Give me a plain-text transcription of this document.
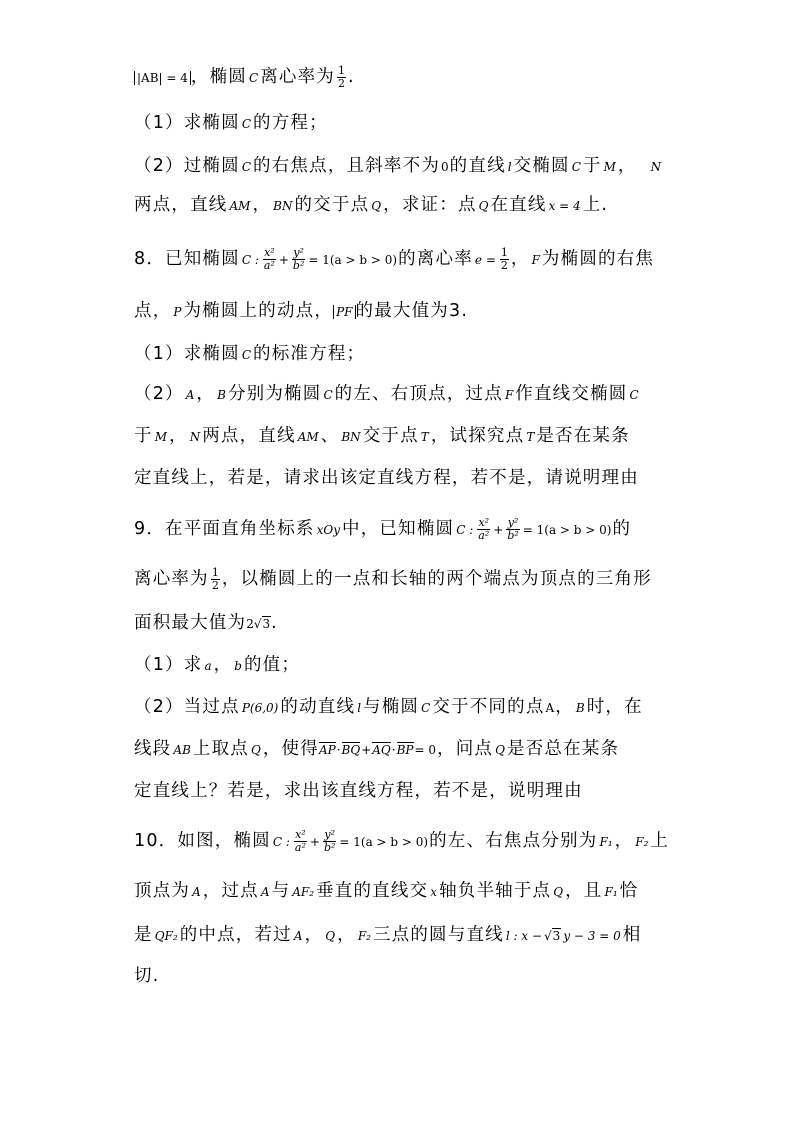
|AB| = 4 ，椭圆 C 离心率为 $\frac{1}{2}$ .
（1）求椭圆 C 的方程；
（2）过椭圆 C 的右焦点，且斜率不为0的直线 l 交椭圆 C 于 M ， N
两点，直线 AM ， BN 的交于点 Q ，求证：点 Q 在直线 x = 4 上.
8．已知椭圆 C : $\frac{\text{x²}}{\text{a²}} + \frac{\text{y²}}{\text{b²}} = 1(a > b > 0)$的离心率 $e = \frac{1}{2}$ ， F 为椭圆的右焦
点， P 为椭圆上的动点， PF 的最大值为3.
（1）求椭圆 C 的标准方程；
（2） A ， B 分别为椭圆 C 的左、右顶点，过点 F 作直线交椭圆 C
于 M ， N 两点，直线 AM 、 BN 交于点 T ，试探究点 T 是否在某条
定直线上，若是，请求出该定直线方程，若不是，请说明理由
9．在平面直角坐标系 xOy 中，已知椭圆 C : $\frac{\text{x²}}{\text{a²}} + \frac{\text{y²}}{\text{b²}} = 1(a > b > 0)$的
离心率为 $\frac{1}{2}$ ，以椭圆上的一点和长轴的两个端点为顶点的三角形
面积最大值为2√3.
（1）求 a ， b 的值；
（2）当过点 P(6,0) 的动直线 l 与椭圆 C 交于不同的点A， B 时，在
线段 AB 上取点 Q ，使得AP·BQ+AQ·BP= 0，问点 Q 是否总在某条
定直线上？若是，求出该直线方程，若不是，说明理由
10．如图，椭圆 C : $\frac{\text{x²}}{\text{a²}} + \frac{\text{y²}}{\text{b²}} = 1(a > b > 0)$的左、右焦点分别为 F₁ ， F₂ 上
顶点为 A ，过点 A 与 AF₂ 垂直的直线交 x 轴负半轴于点 Q ，且 F₁ 恰
是 QF₂ 的中点，若过 A ， Q ， F₂ 三点的圆与直线 l : x − √3 y − 3 = 0 相
切.
